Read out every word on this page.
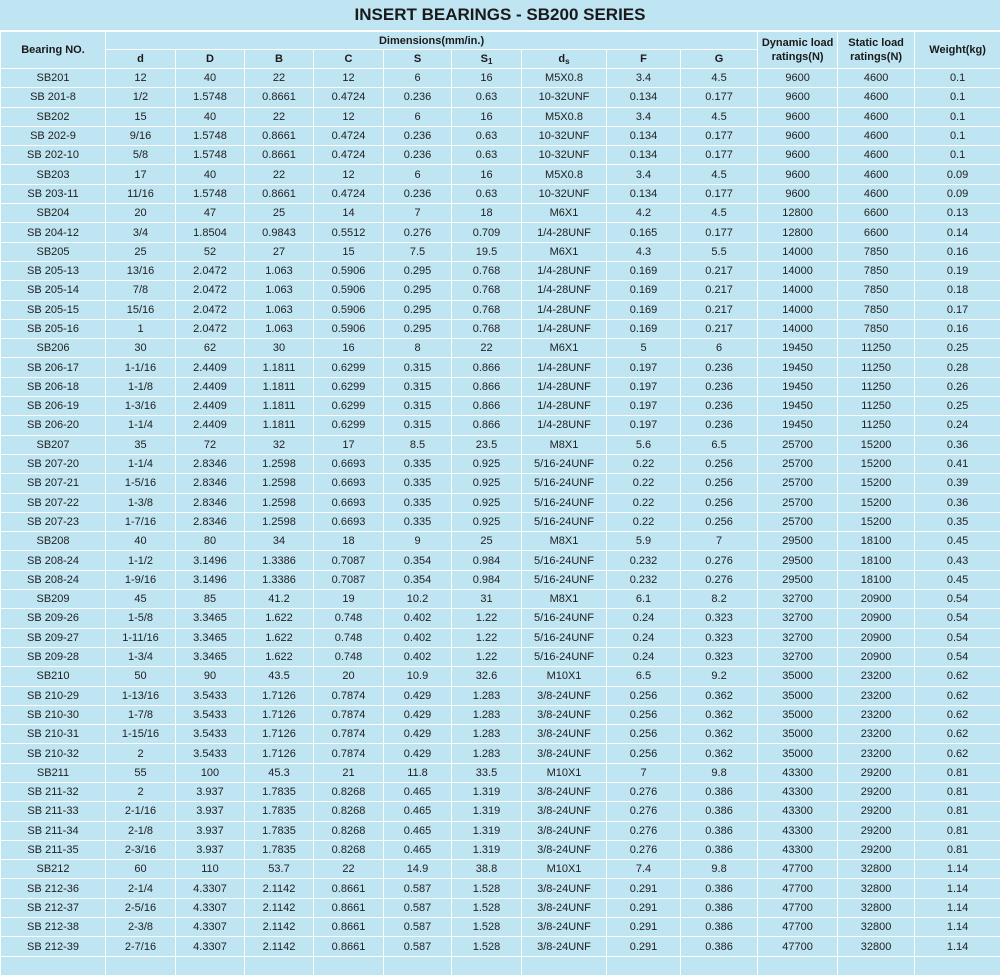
INSERT BEARINGS - SB200 SERIES
Bearing NO.	Dimensions(mm/in.)									Dynamic load ratings(N)	Static load ratings(N)	Weight(kg)
	d	D	B	C	S	$S_1$	$d_s$	F	G			
SB201	12	40	22	12	6	16	M5X0.8	3.4	4.5	9600	4600	0.1
SB 201-8	1/2	1.5748	0.8661	0.4724	0.236	0.63	10-32UNF	0.134	0.177	9600	4600	0.1
SB202	15	40	22	12	6	16	M5X0.8	3.4	4.5	9600	4600	0.1
SB 202-9	9/16	1.5748	0.8661	0.4724	0.236	0.63	10-32UNF	0.134	0.177	9600	4600	0.1
SB 202-10	5/8	1.5748	0.8661	0.4724	0.236	0.63	10-32UNF	0.134	0.177	9600	4600	0.1
SB203	17	40	22	12	6	16	M5X0.8	3.4	4.5	9600	4600	0.09
SB 203-11	11/16	1.5748	0.8661	0.4724	0.236	0.63	10-32UNF	0.134	0.177	9600	4600	0.09
SB204	20	47	25	14	7	18	M6X1	4.2	4.5	12800	6600	0.13
SB 204-12	3/4	1.8504	0.9843	0.5512	0.276	0.709	1/4-28UNF	0.165	0.177	12800	6600	0.14
SB205	25	52	27	15	7.5	19.5	M6X1	4.3	5.5	14000	7850	0.16
SB 205-13	13/16	2.0472	1.063	0.5906	0.295	0.768	1/4-28UNF	0.169	0.217	14000	7850	0.19
SB 205-14	7/8	2.0472	1.063	0.5906	0.295	0.768	1/4-28UNF	0.169	0.217	14000	7850	0.18
SB 205-15	15/16	2.0472	1.063	0.5906	0.295	0.768	1/4-28UNF	0.169	0.217	14000	7850	0.17
SB 205-16	1	2.0472	1.063	0.5906	0.295	0.768	1/4-28UNF	0.169	0.217	14000	7850	0.16
SB206	30	62	30	16	8	22	M6X1	5	6	19450	11250	0.25
SB 206-17	1-1/16	2.4409	1.1811	0.6299	0.315	0.866	1/4-28UNF	0.197	0.236	19450	11250	0.28
SB 206-18	1-1/8	2.4409	1.1811	0.6299	0.315	0.866	1/4-28UNF	0.197	0.236	19450	11250	0.26
SB 206-19	1-3/16	2.4409	1.1811	0.6299	0.315	0.866	1/4-28UNF	0.197	0.236	19450	11250	0.25
SB 206-20	1-1/4	2.4409	1.1811	0.6299	0.315	0.866	1/4-28UNF	0.197	0.236	19450	11250	0.24
SB207	35	72	32	17	8.5	23.5	M8X1	5.6	6.5	25700	15200	0.36
SB 207-20	1-1/4	2.8346	1.2598	0.6693	0.335	0.925	5/16-24UNF	0.22	0.256	25700	15200	0.41
SB 207-21	1-5/16	2.8346	1.2598	0.6693	0.335	0.925	5/16-24UNF	0.22	0.256	25700	15200	0.39
SB 207-22	1-3/8	2.8346	1.2598	0.6693	0.335	0.925	5/16-24UNF	0.22	0.256	25700	15200	0.36
SB 207-23	1-7/16	2.8346	1.2598	0.6693	0.335	0.925	5/16-24UNF	0.22	0.256	25700	15200	0.35
SB208	40	80	34	18	9	25	M8X1	5.9	7	29500	18100	0.45
SB 208-24	1-1/2	3.1496	1.3386	0.7087	0.354	0.984	5/16-24UNF	0.232	0.276	29500	18100	0.43
SB 208-24	1-9/16	3.1496	1.3386	0.7087	0.354	0.984	5/16-24UNF	0.232	0.276	29500	18100	0.45
SB209	45	85	41.2	19	10.2	31	M8X1	6.1	8.2	32700	20900	0.54
SB 209-26	1-5/8	3.3465	1.622	0.748	0.402	1.22	5/16-24UNF	0.24	0.323	32700	20900	0.54
SB 209-27	1-11/16	3.3465	1.622	0.748	0.402	1.22	5/16-24UNF	0.24	0.323	32700	20900	0.54
SB 209-28	1-3/4	3.3465	1.622	0.748	0.402	1.22	5/16-24UNF	0.24	0.323	32700	20900	0.54
SB210	50	90	43.5	20	10.9	32.6	M10X1	6.5	9.2	35000	23200	0.62
SB 210-29	1-13/16	3.5433	1.7126	0.7874	0.429	1.283	3/8-24UNF	0.256	0.362	35000	23200	0.62
SB 210-30	1-7/8	3.5433	1.7126	0.7874	0.429	1.283	3/8-24UNF	0.256	0.362	35000	23200	0.62
SB 210-31	1-15/16	3.5433	1.7126	0.7874	0.429	1.283	3/8-24UNF	0.256	0.362	35000	23200	0.62
SB 210-32	2	3.5433	1.7126	0.7874	0.429	1.283	3/8-24UNF	0.256	0.362	35000	23200	0.62
SB211	55	100	45.3	21	11.8	33.5	M10X1	7	9.8	43300	29200	0.81
SB 211-32	2	3.937	1.7835	0.8268	0.465	1.319	3/8-24UNF	0.276	0.386	43300	29200	0.81
SB 211-33	2-1/16	3.937	1.7835	0.8268	0.465	1.319	3/8-24UNF	0.276	0.386	43300	29200	0.81
SB 211-34	2-1/8	3.937	1.7835	0.8268	0.465	1.319	3/8-24UNF	0.276	0.386	43300	29200	0.81
SB 211-35	2-3/16	3.937	1.7835	0.8268	0.465	1.319	3/8-24UNF	0.276	0.386	43300	29200	0.81
SB212	60	110	53.7	22	14.9	38.8	M10X1	7.4	9.8	47700	32800	1.14
SB 212-36	2-1/4	4.3307	2.1142	0.8661	0.587	1.528	3/8-24UNF	0.291	0.386	47700	32800	1.14
SB 212-37	2-5/16	4.3307	2.1142	0.8661	0.587	1.528	3/8-24UNF	0.291	0.386	47700	32800	1.14
SB 212-38	2-3/8	4.3307	2.1142	0.8661	0.587	1.528	3/8-24UNF	0.291	0.386	47700	32800	1.14
SB 212-39	2-7/16	4.3307	2.1142	0.8661	0.587	1.528	3/8-24UNF	0.291	0.386	47700	32800	1.14
